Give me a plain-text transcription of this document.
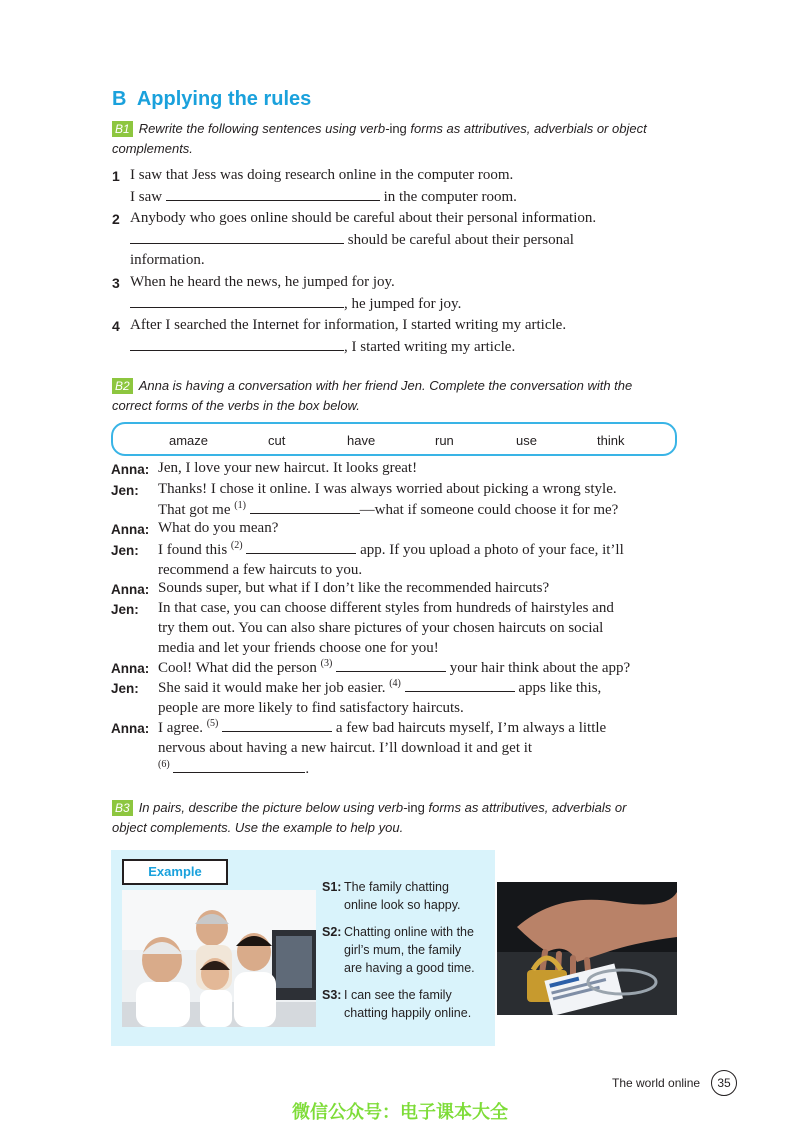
B Applying the rules
B1 Rewrite the following sentences using verb-ing forms as attributives, adverbials or object
complements.
1 I saw that Jess was doing research online in the computer room.
I saw	in the computer room.
2 Anybody who goes online should be careful about their personal information.
should be careful about their personal
information.
3 When he heard the news, he jumped for joy.
, he jumped for joy.
4 After I searched the Internet for information, I started writing my article.
, I started writing my article.
B2 Anna is having a conversation with her friend Jen. Complete the conversation with the
correct forms of the verbs in the box below.
amaze	cut	have	run	use	think
Anna: Jen, I love your new haircut. It looks great!
Jen: Thanks! I chose it online. I was always worried about picking a wrong style.
That got me $^{(1)}$	—what if someone could choose it for me?
Anna: What do you mean?
Jen: I found this $^{(2)}$	app. If you upload a photo of your face, it’ll
recommend a few haircuts to you.
Anna: Sounds super, but what if I don’t like the recommended haircuts?
Jen: In that case, you can choose different styles from hundreds of hairstyles and
try them out. You can also share pictures of your chosen haircuts on social
media and let your friends choose one for you!
Anna: Cool! What did the person $^{(3)}$	your hair think about the app?
Jen: She said it would make her job easier. $^{(4)}$	apps like this,
people are more likely to find satisfactory haircuts.
Anna: I agree. $^{(5)}$	a few bad haircuts myself, I’m always a little
nervous about having a new haircut. I’ll download it and get it
$^{(6)}$	.
B3 In pairs, describe the picture below using verb-ing forms as attributives, adverbials or
object complements. Use the example to help you.
Example
S1: The family chatting
online look so happy.
S2: Chatting online with the
girl’s mum, the family
are having a good time.
S3: I can see the family
chatting happily online.
The world online	35
微信公众号：电子课本大全
